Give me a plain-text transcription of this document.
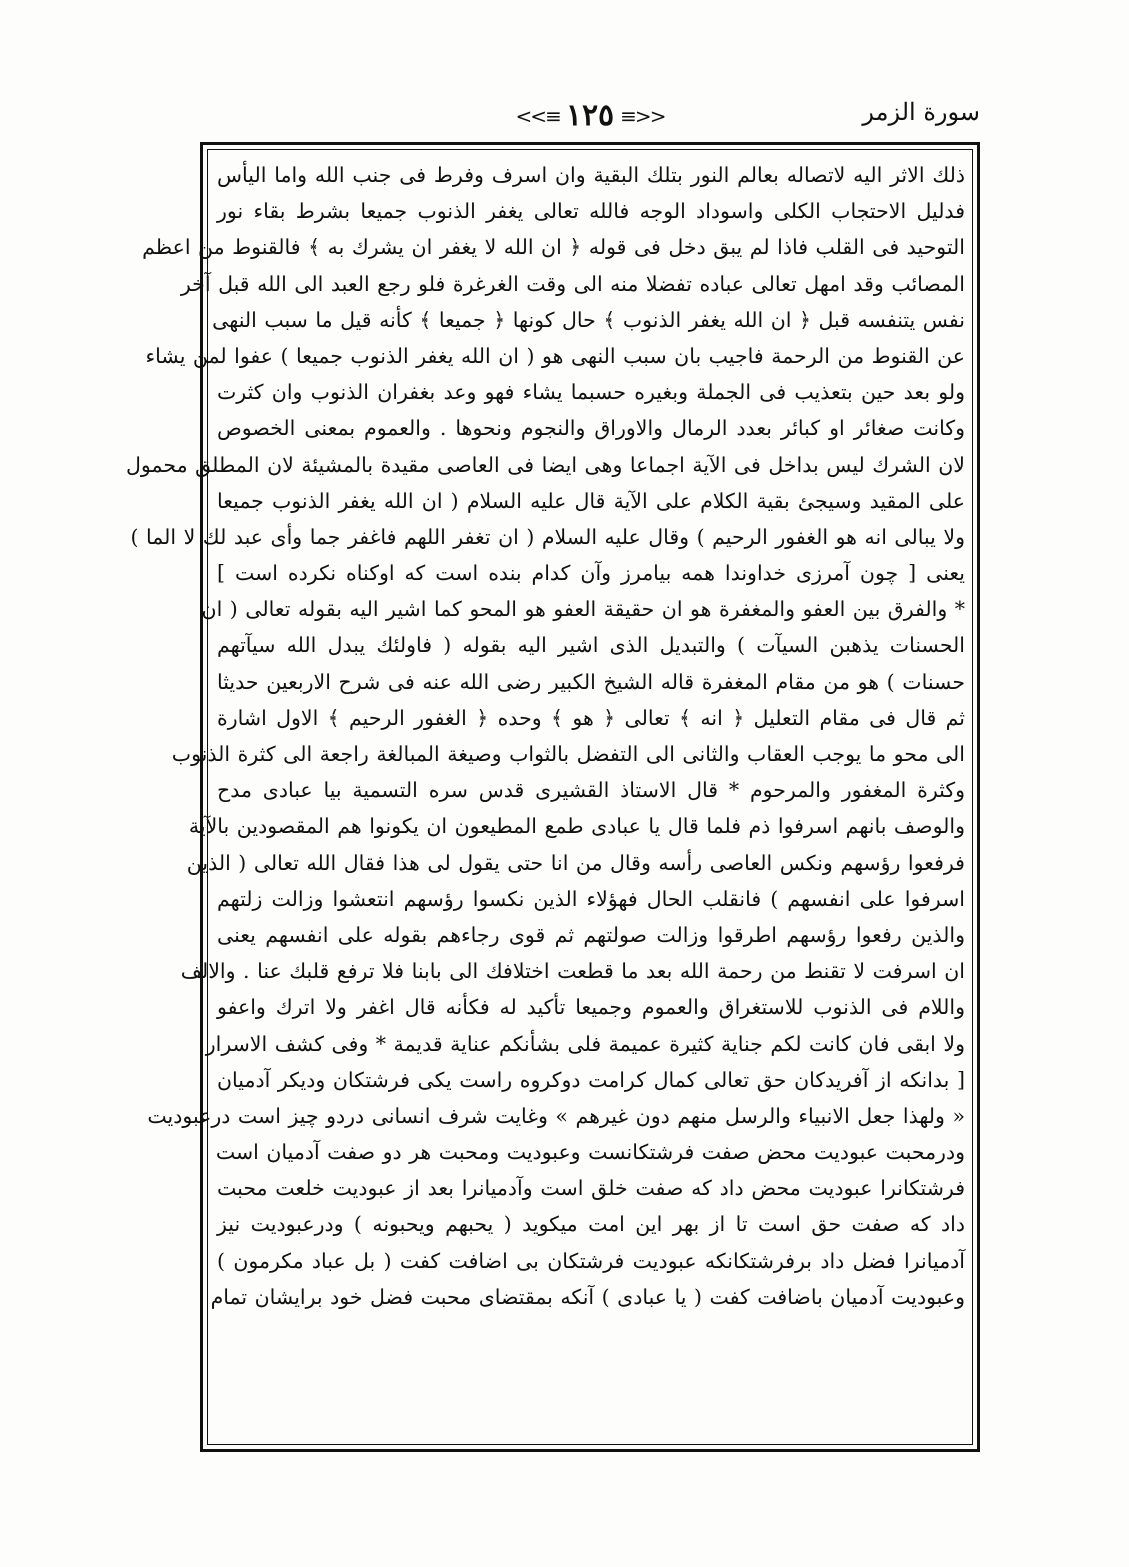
سورة الزمر
<<≡ ١٢٥ ≡>>
ذلك الاثر اليه لاتصاله بعالم النور بتلك البقية وان اسرف وفرط فى جنب الله واما اليأس
فدليل الاحتجاب الكلى واسوداد الوجه فالله تعالى يغفر الذنوب جميعا بشرط بقاء نور
التوحيد فى القلب فاذا لم يبق دخل فى قوله ﴿ ان الله لا يغفر ان يشرك به ﴾ فالقنوط من اعظم
المصائب وقد امهل تعالى عباده تفضلا منه الى وقت الغرغرة فلو رجع العبد الى الله قبل آخر
نفس يتنفسه قبل ﴿ ان الله يغفر الذنوب ﴾ حال كونها ﴿ جميعا ﴾ كأنه قيل ما سبب النهى
عن القنوط من الرحمة فاجيب بان سبب النهى هو ( ان الله يغفر الذنوب جميعا ) عفوا لمن يشاء
ولو بعد حين بتعذيب فى الجملة وبغيره حسبما يشاء فهو وعد بغفران الذنوب وان كثرت
وكانت صغائر او كبائر بعدد الرمال والاوراق والنجوم ونحوها . والعموم بمعنى الخصوص
لان الشرك ليس بداخل فى الآية اجماعا وهى ايضا فى العاصى مقيدة بالمشيئة لان المطلق محمول
على المقيد وسيجئ بقية الكلام على الآية قال عليه السلام ( ان الله يغفر الذنوب جميعا
ولا يبالى انه هو الغفور الرحيم ) وقال عليه السلام ( ان تغفر اللهم فاغفر جما وأى عبد لك لا الما )
يعنى [ چون آمرزى خداوندا همه بيامرز وآن كدام بنده است كه اوكناه نكرده است ]
* والفرق بين العفو والمغفرة هو ان حقيقة العفو هو المحو كما اشير اليه بقوله تعالى ( ان
الحسنات يذهبن السيآت ) والتبديل الذى اشير اليه بقوله ( فاولئك يبدل الله سيآتهم
حسنات ) هو من مقام المغفرة قاله الشيخ الكبير رضى الله عنه فى شرح الاربعين حديثا
ثم قال فى مقام التعليل ﴿ انه ﴾ تعالى ﴿ هو ﴾ وحده ﴿ الغفور الرحيم ﴾ الاول اشارة
الى محو ما يوجب العقاب والثانى الى التفضل بالثواب وصيغة المبالغة راجعة الى كثرة الذنوب
وكثرة المغفور والمرحوم * قال الاستاذ القشيرى قدس سره التسمية بيا عبادى مدح
والوصف بانهم اسرفوا ذم فلما قال يا عبادى طمع المطيعون ان يكونوا هم المقصودين بالآية
فرفعوا رؤسهم ونكس العاصى رأسه وقال من انا حتى يقول لى هذا فقال الله تعالى ( الذين
اسرفوا على انفسهم ) فانقلب الحال فهؤلاء الذين نكسوا رؤسهم انتعشوا وزالت زلتهم
والذين رفعوا رؤسهم اطرقوا وزالت صولتهم ثم قوى رجاءهم بقوله على انفسهم يعنى
ان اسرفت لا تقنط من رحمة الله بعد ما قطعت اختلافك الى بابنا فلا ترفع قلبك عنا . والالف
واللام فى الذنوب للاستغراق والعموم وجميعا تأكيد له فكأنه قال اغفر ولا اترك واعفو
ولا ابقى فان كانت لكم جناية كثيرة عميمة فلى بشأنكم عناية قديمة * وفى كشف الاسرار
[ بدانكه از آفريدكان حق تعالى كمال كرامت دوكروه راست يكى فرشتكان وديكر آدميان
« ولهذا جعل الانبياء والرسل منهم دون غيرهم » وغايت شرف انسانى دردو چيز است درعبوديت
ودرمحبت عبوديت محض صفت فرشتكانست وعبوديت ومحبت هر دو صفت آدميان است
فرشتكانرا عبوديت محض داد كه صفت خلق است وآدميانرا بعد از عبوديت خلعت محبت
داد كه صفت حق است تا از بهر اين امت ميكويد ( يحبهم ويحبونه ) ودرعبوديت نيز
آدميانرا فضل داد برفرشتكانكه عبوديت فرشتكان بى اضافت كفت ( بل عباد مكرمون )
وعبوديت آدميان باضافت كفت ( يا عبادى ) آنكه بمقتضاى محبت فضل خود برايشان تمام
